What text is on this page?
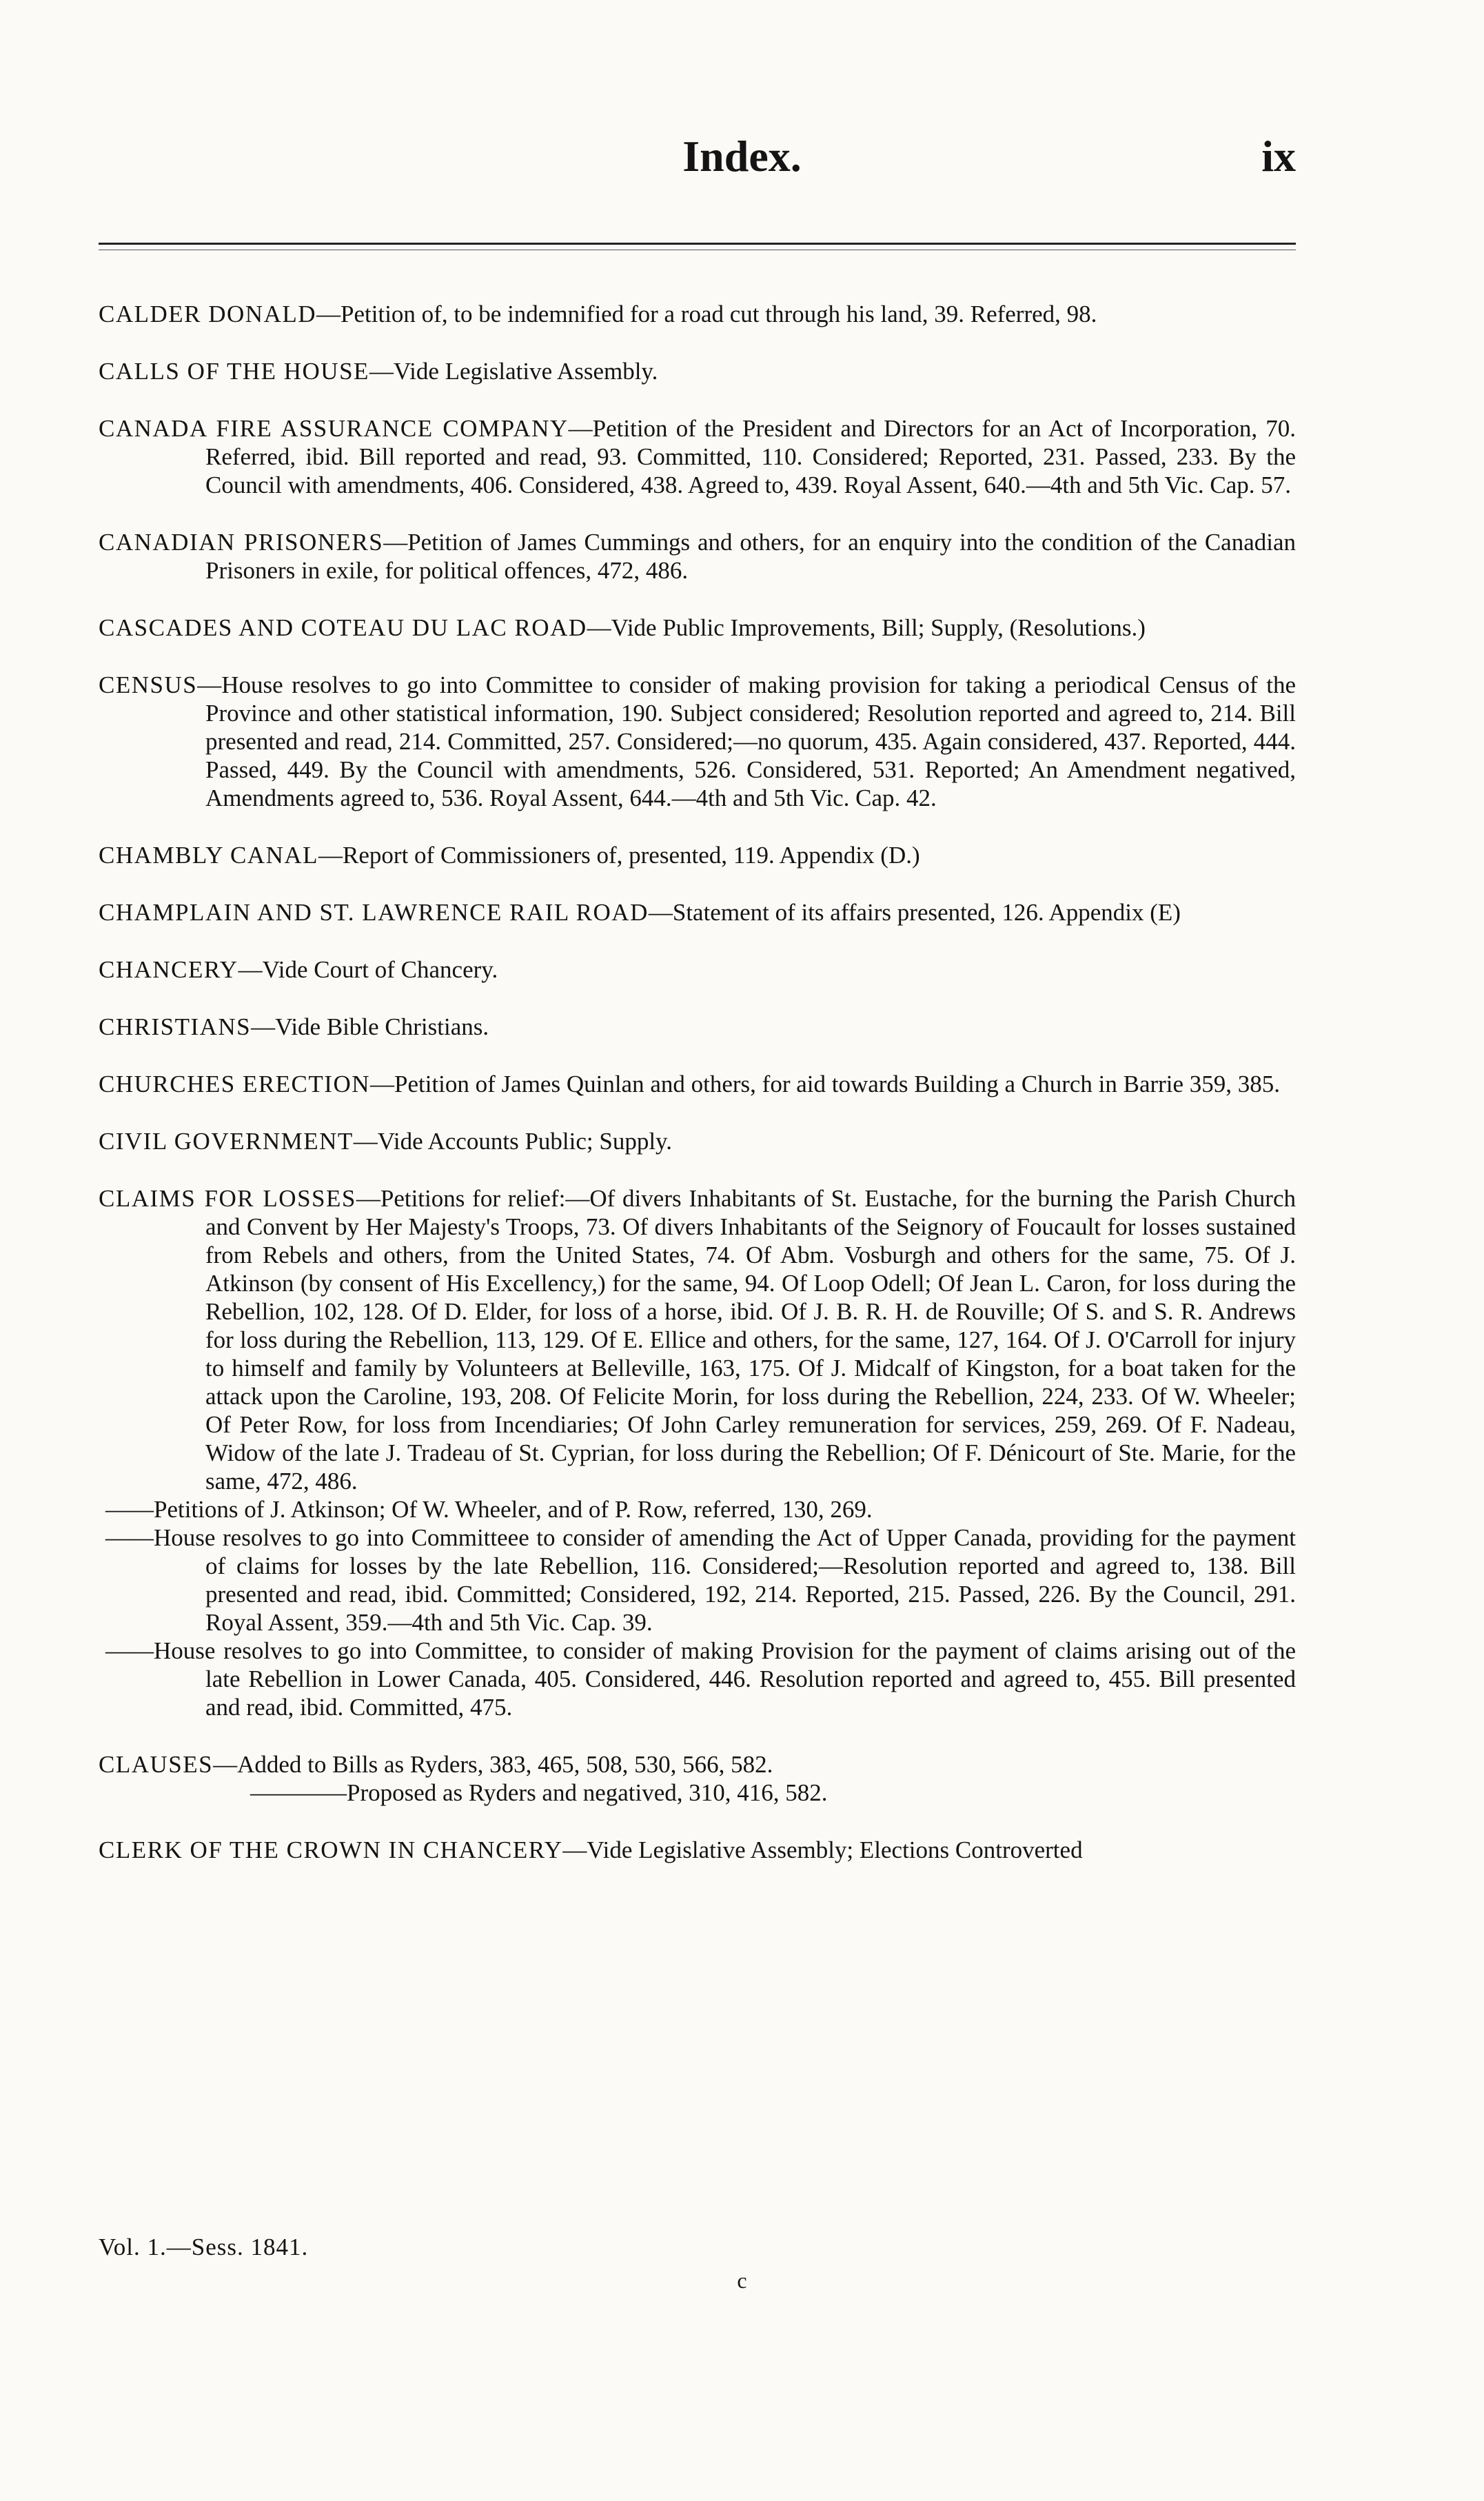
Index.	ix

CALDER DONALD—Petition of, to be indemnified for a road cut through his land, 39. Referred, 98.

CALLS OF THE HOUSE—Vide Legislative Assembly.

CANADA FIRE ASSURANCE COMPANY—Petition of the President and Directors for an Act of Incorporation, 70. Referred, ibid. Bill reported and read, 93. Committed, 110. Considered; Reported, 231. Passed, 233. By the Council with amendments, 406. Considered, 438. Agreed to, 439. Royal Assent, 640.—4th and 5th Vic. Cap. 57.

CANADIAN PRISONERS—Petition of James Cummings and others, for an enquiry into the condition of the Canadian Prisoners in exile, for political offences, 472, 486.

CASCADES AND COTEAU DU LAC ROAD—Vide Public Improvements, Bill; Supply, (Resolutions.)

CENSUS—House resolves to go into Committee to consider of making provision for taking a periodical Census of the Province and other statistical information, 190. Subject considered; Resolution reported and agreed to, 214. Bill presented and read, 214. Committed, 257. Considered;—no quorum, 435. Again considered, 437. Reported, 444. Passed, 449. By the Council with amendments, 526. Considered, 531. Reported; An Amendment negatived, Amendments agreed to, 536. Royal Assent, 644.—4th and 5th Vic. Cap. 42.

CHAMBLY CANAL—Report of Commissioners of, presented, 119. Appendix (D.)

CHAMPLAIN AND ST. LAWRENCE RAIL ROAD—Statement of its affairs presented, 126. Appendix (E)

CHANCERY—Vide Court of Chancery.

CHRISTIANS—Vide Bible Christians.

CHURCHES ERECTION—Petition of James Quinlan and others, for aid towards Building a Church in Barrie 359, 385.

CIVIL GOVERNMENT—Vide Accounts Public; Supply.

CLAIMS FOR LOSSES—Petitions for relief:—Of divers Inhabitants of St. Eustache, for the burning the Parish Church and Convent by Her Majesty's Troops, 73. Of divers Inhabitants of the Seignory of Foucault for losses sustained from Rebels and others, from the United States, 74. Of Abm. Vosburgh and others for the same, 75. Of J. Atkinson (by consent of His Excellency,) for the same, 94. Of Loop Odell; Of Jean L. Caron, for loss during the Rebellion, 102, 128. Of D. Elder, for loss of a horse, ibid. Of J. B. R. H. de Rouville; Of S. and S. R. Andrews for loss during the Rebellion, 113, 129. Of E. Ellice and others, for the same, 127, 164. Of J. O'Carroll for injury to himself and family by Volunteers at Belleville, 163, 175. Of J. Midcalf of Kingston, for a boat taken for the attack upon the Caroline, 193, 208. Of Felicite Morin, for loss during the Rebellion, 224, 233. Of W. Wheeler; Of Peter Row, for loss from Incendiaries; Of John Carley remuneration for services, 259, 269. Of F. Nadeau, Widow of the late J. Tradeau of St. Cyprian, for loss during the Rebellion; Of F. Dénicourt of Ste. Marie, for the same, 472, 486.

——Petitions of J. Atkinson; Of W. Wheeler, and of P. Row, referred, 130, 269.

——House resolves to go into Committeee to consider of amending the Act of Upper Canada, providing for the payment of claims for losses by the late Rebellion, 116. Considered;—Resolution reported and agreed to, 138. Bill presented and read, ibid. Committed; Considered, 192, 214. Reported, 215. Passed, 226. By the Council, 291. Royal Assent, 359.—4th and 5th Vic. Cap. 39.

——House resolves to go into Committee, to consider of making Provision for the payment of claims arising out of the late Rebellion in Lower Canada, 405. Considered, 446. Resolution reported and agreed to, 455. Bill presented and read, ibid. Committed, 475.

CLAUSES—Added to Bills as Ryders, 383, 465, 508, 530, 566, 582.

————Proposed as Ryders and negatived, 310, 416, 582.

CLERK OF THE CROWN IN CHANCERY—Vide Legislative Assembly; Elections Controverted

Vol. 1.—Sess. 1841.
c
